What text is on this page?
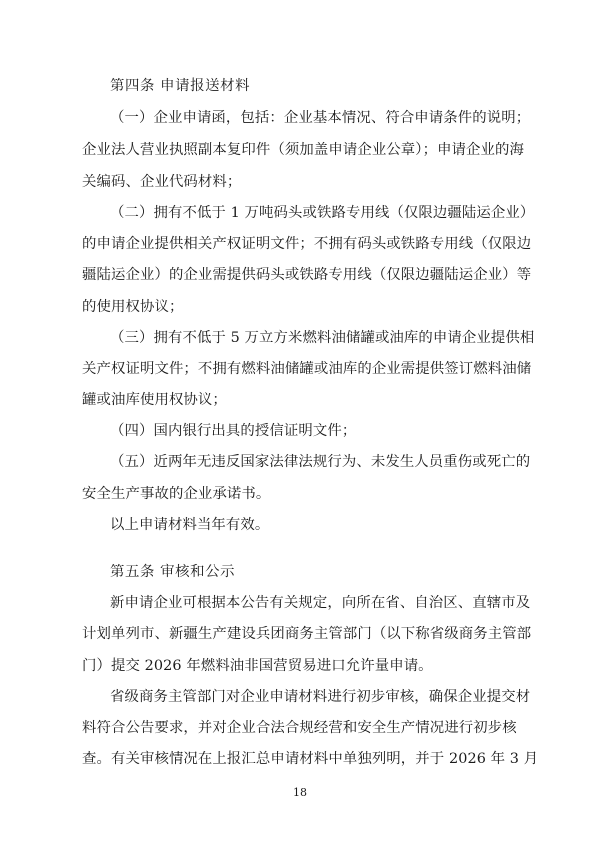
第四条 申请报送材料
（一）企业申请函，包括：企业基本情况、符合申请条件的说明；
企业法人营业执照副本复印件（须加盖申请企业公章）；申请企业的海
关编码、企业代码材料；
（二）拥有不低于 1 万吨码头或铁路专用线（仅限边疆陆运企业）
的申请企业提供相关产权证明文件；不拥有码头或铁路专用线（仅限边
疆陆运企业）的企业需提供码头或铁路专用线（仅限边疆陆运企业）等
的使用权协议；
（三）拥有不低于 5 万立方米燃料油储罐或油库的申请企业提供相
关产权证明文件；不拥有燃料油储罐或油库的企业需提供签订燃料油储
罐或油库使用权协议；
（四）国内银行出具的授信证明文件；
（五）近两年无违反国家法律法规行为、未发生人员重伤或死亡的
安全生产事故的企业承诺书。
以上申请材料当年有效。
第五条 审核和公示
新申请企业可根据本公告有关规定，向所在省、自治区、直辖市及
计划单列市、新疆生产建设兵团商务主管部门（以下称省级商务主管部
门）提交 2026 年燃料油非国营贸易进口允许量申请。
省级商务主管部门对企业申请材料进行初步审核，确保企业提交材
料符合公告要求，并对企业合法合规经营和安全生产情况进行初步核
查。有关审核情况在上报汇总申请材料中单独列明，并于 2026 年 3 月
18
